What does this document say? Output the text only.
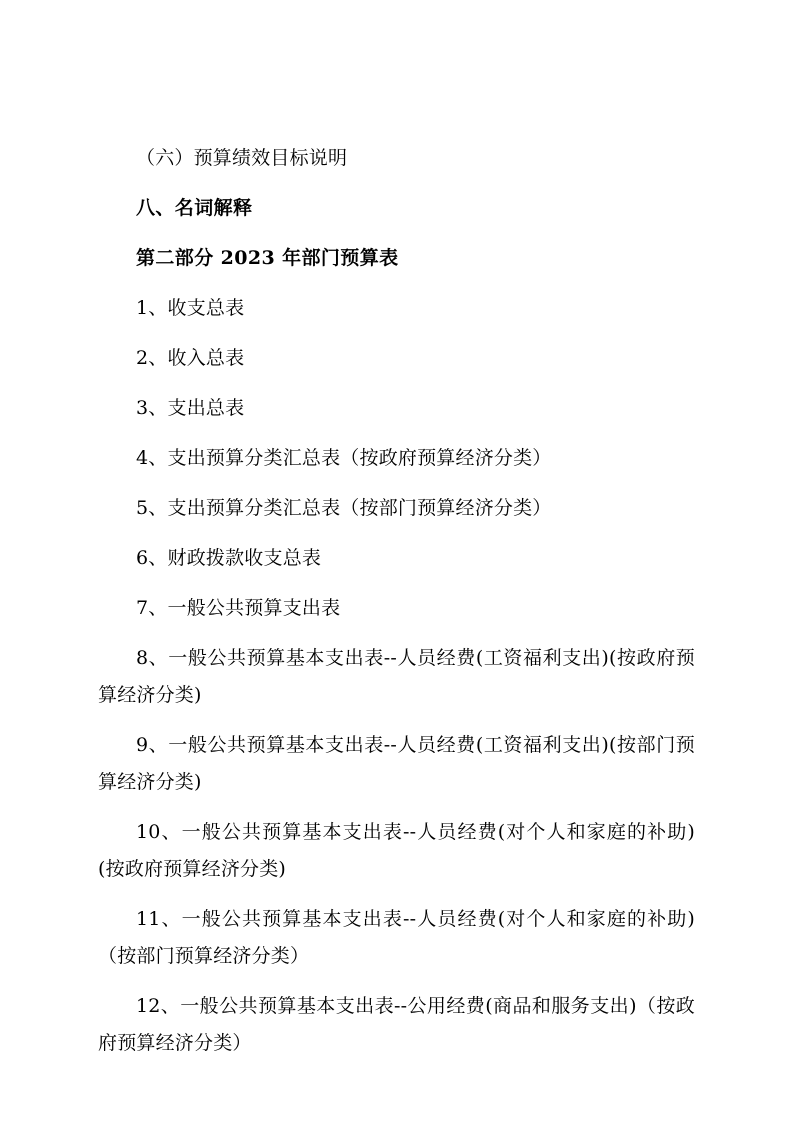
（六）预算绩效目标说明

八、名词解释

第二部分 2023 年部门预算表

1、收支总表

2、收入总表

3、支出总表

4、支出预算分类汇总表（按政府预算经济分类）

5、支出预算分类汇总表（按部门预算经济分类）

6、财政拨款收支总表

7、一般公共预算支出表

8、一般公共预算基本支出表--人员经费(工资福利支出)(按政府预算经济分类)

9、一般公共预算基本支出表--人员经费(工资福利支出)(按部门预算经济分类)

10、一般公共预算基本支出表--人员经费(对个人和家庭的补助)(按政府预算经济分类)

11、一般公共预算基本支出表--人员经费(对个人和家庭的补助)（按部门预算经济分类）

12、一般公共预算基本支出表--公用经费(商品和服务支出)（按政府预算经济分类）
